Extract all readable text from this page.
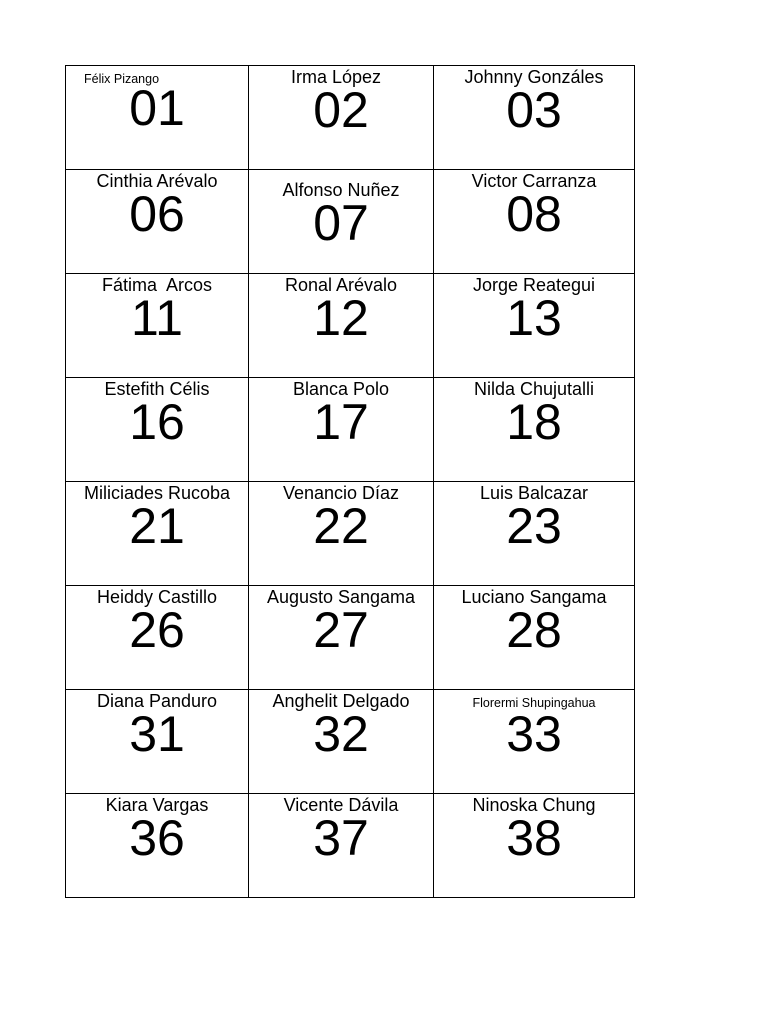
Félix Pizango
01	Irma López
02	Johnny Gonzáles
03

Cinthia Arévalo
06	Alfonso Nuñez
07	Victor Carranza
08

Fátima  Arcos
11	Ronal Arévalo
12	Jorge Reategui
13

Estefith Célis
16	Blanca Polo
17	Nilda Chujutalli
18

Miliciades Rucoba
21	Venancio Díaz
22	Luis Balcazar
23

Heiddy Castillo
26	Augusto Sangama
27	Luciano Sangama
28

Diana Panduro
31	Anghelit Delgado
32	Florermi Shupingahua
33

Kiara Vargas
36	Vicente Dávila
37	Ninoska Chung
38
